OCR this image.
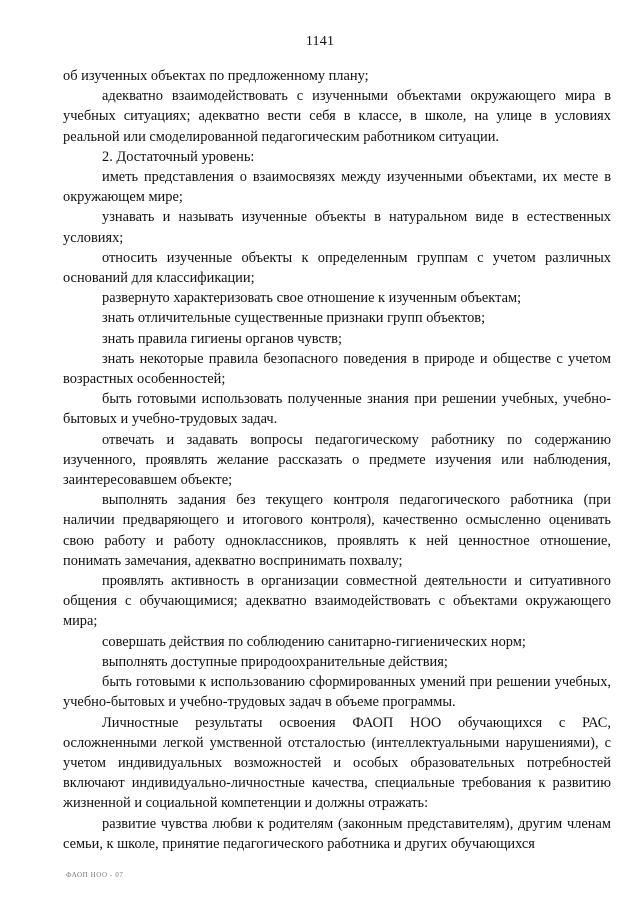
1141

об изученных объектах по предложенному плану;

адекватно взаимодействовать с изученными объектами окружающего мира в учебных ситуациях; адекватно вести себя в классе, в школе, на улице в условиях реальной или смоделированной педагогическим работником ситуации.

2. Достаточный уровень:

иметь представления о взаимосвязях между изученными объектами, их месте в окружающем мире;

узнавать и называть изученные объекты в натуральном виде в естественных условиях;

относить изученные объекты к определенным группам с учетом различных оснований для классификации;

развернуто характеризовать свое отношение к изученным объектам;

знать отличительные существенные признаки групп объектов;

знать правила гигиены органов чувств;

знать некоторые правила безопасного поведения в природе и обществе с учетом возрастных особенностей;

быть готовыми использовать полученные знания при решении учебных, учебно-бытовых и учебно-трудовых задач.

отвечать и задавать вопросы педагогическому работнику по содержанию изученного, проявлять желание рассказать о предмете изучения или наблюдения, заинтересовавшем объекте;

выполнять задания без текущего контроля педагогического работника (при наличии предваряющего и итогового контроля), качественно осмысленно оценивать свою работу и работу одноклассников, проявлять к ней ценностное отношение, понимать замечания, адекватно воспринимать похвалу;

проявлять активность в организации совместной деятельности и ситуативного общения с обучающимися; адекватно взаимодействовать с объектами окружающего мира;

совершать действия по соблюдению санитарно-гигиенических норм;

выполнять доступные природоохранительные действия;

быть готовыми к использованию сформированных умений при решении учебных, учебно-бытовых и учебно-трудовых задач в объеме программы.

Личностные результаты освоения ФАОП НОО обучающихся с РАС, осложненными легкой умственной отсталостью (интеллектуальными нарушениями), с учетом индивидуальных возможностей и особых образовательных потребностей включают индивидуально-личностные качества, специальные требования к развитию жизненной и социальной компетенции и должны отражать:

развитие чувства любви к родителям (законным представителям), другим членам семьи, к школе, принятие педагогического работника и других обучающихся

ФАОП НОО - 07
